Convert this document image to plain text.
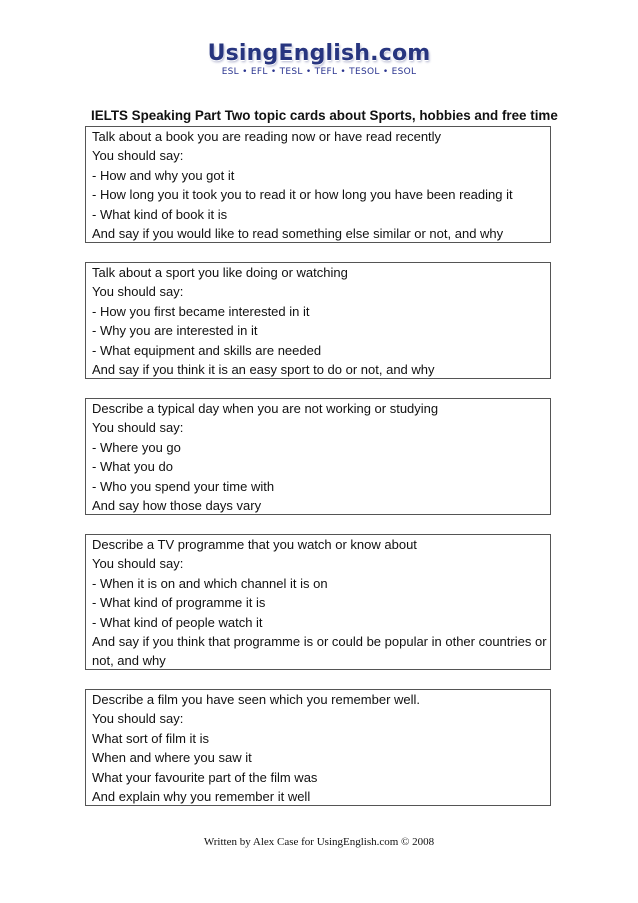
UsingEnglish.com
ESL • EFL • TESL • TEFL • TESOL • ESOL
IELTS Speaking Part Two topic cards about Sports, hobbies and free time
Talk about a book you are reading now or have read recently
You should say:
- How and why you got it
- How long you it took you to read it or how long you have been reading it
- What kind of book it is
And say if you would like to read something else similar or not, and why
Talk about a sport you like doing or watching
You should say:
- How you first became interested in it
- Why you are interested in it
- What equipment and skills are needed
And say if you think it is an easy sport to do or not, and why
Describe a typical day when you are not working or studying
You should say:
- Where you go
- What you do
- Who you spend your time with
And say how those days vary
Describe a TV programme that you watch or know about
You should say:
- When it is on and which channel it is on
- What kind of programme it is
- What kind of people watch it
And say if you think that programme is or could be popular in other countries or not, and why
Describe a film you have seen which you remember well.
You should say:
What sort of film it is
When and where you saw it
What your favourite part of the film was
And explain why you remember it well
Written by Alex Case for UsingEnglish.com © 2008
